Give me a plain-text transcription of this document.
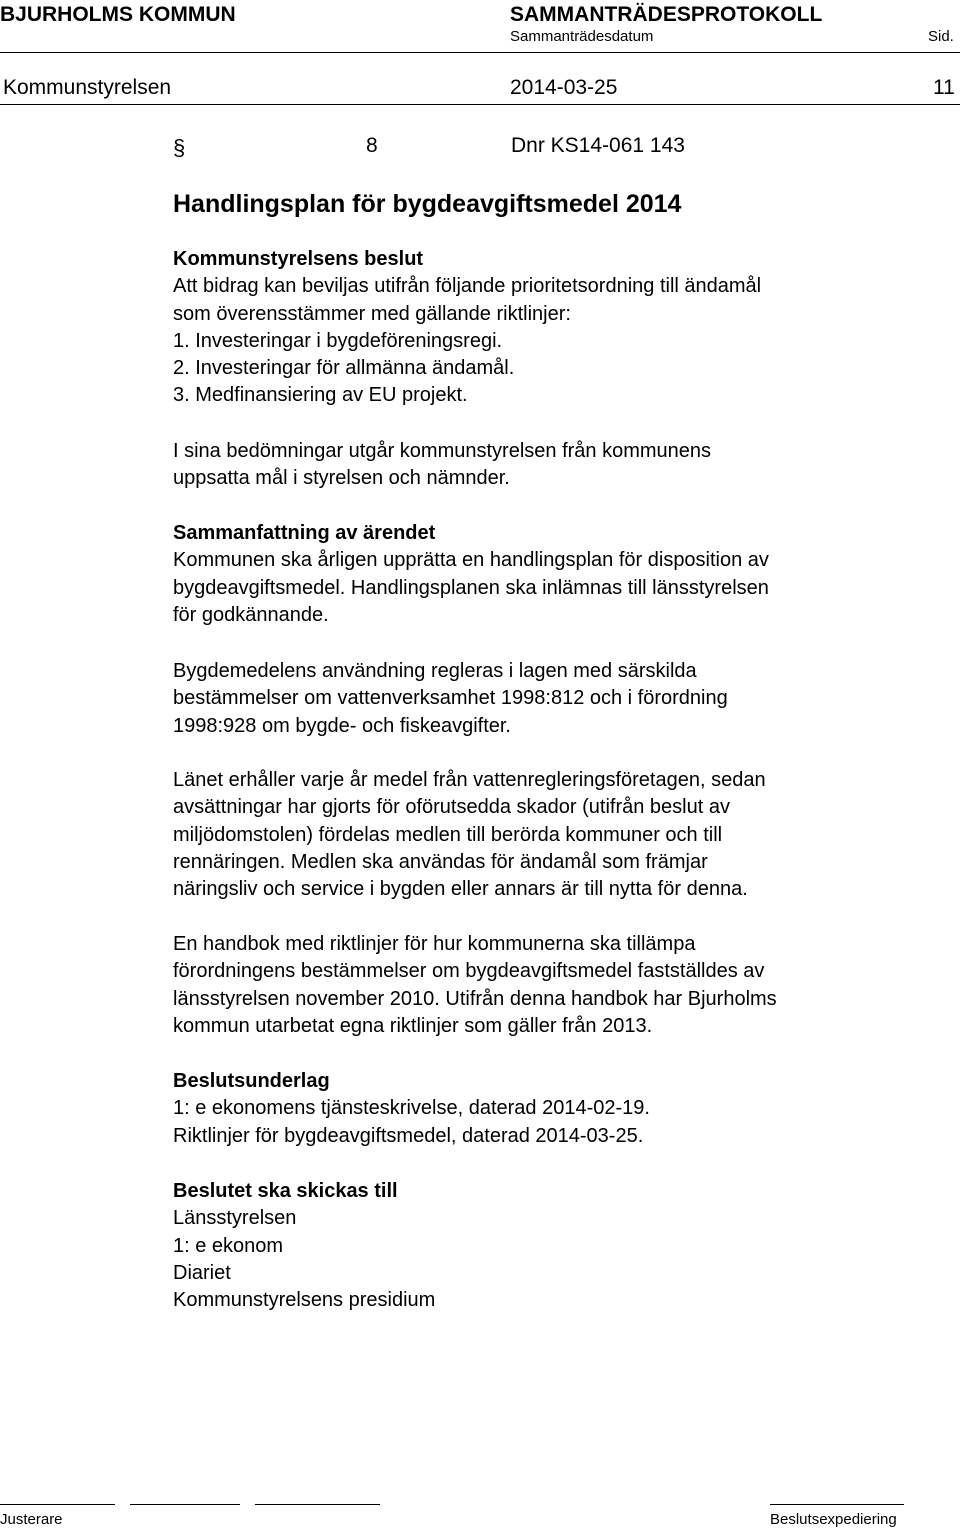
BJURHOLMS KOMMUN	SAMMANTRÄDESPROTOKOLL
Sammanträdesdatum	Sid.
Kommunstyrelsen	2014-03-25	11
§	8	Dnr KS14-061 143
Handlingsplan för bygdeavgiftsmedel 2014
Kommunstyrelsens beslut
Att bidrag kan beviljas utifrån följande prioritetsordning till ändamål
som överensstämmer med gällande riktlinjer:
1. Investeringar i bygdeföreningsregi.
2. Investeringar för allmänna ändamål.
3. Medfinansiering av EU projekt.
I sina bedömningar utgår kommunstyrelsen från kommunens
uppsatta mål i styrelsen och nämnder.
Sammanfattning av ärendet
Kommunen ska årligen upprätta en handlingsplan för disposition av
bygdeavgiftsmedel. Handlingsplanen ska inlämnas till länsstyrelsen
för godkännande.
Bygdemedelens användning regleras i lagen med särskilda
bestämmelser om vattenverksamhet 1998:812 och i förordning
1998:928 om bygde- och fiskeavgifter.
Länet erhåller varje år medel från vattenregleringsföretagen, sedan
avsättningar har gjorts för oförutsedda skador (utifrån beslut av
miljödomstolen) fördelas medlen till berörda kommuner och till
rennäringen. Medlen ska användas för ändamål som främjar
näringsliv och service i bygden eller annars är till nytta för denna.
En handbok med riktlinjer för hur kommunerna ska tillämpa
förordningens bestämmelser om bygdeavgiftsmedel fastställdes av
länsstyrelsen november 2010. Utifrån denna handbok har Bjurholms
kommun utarbetat egna riktlinjer som gäller från 2013.
Beslutsunderlag
1: e ekonomens tjänsteskrivelse, daterad 2014-02-19.
Riktlinjer för bygdeavgiftsmedel, daterad 2014-03-25.
Beslutet ska skickas till
Länsstyrelsen
1: e ekonom
Diariet
Kommunstyrelsens presidium
Justerare	Beslutsexpediering
